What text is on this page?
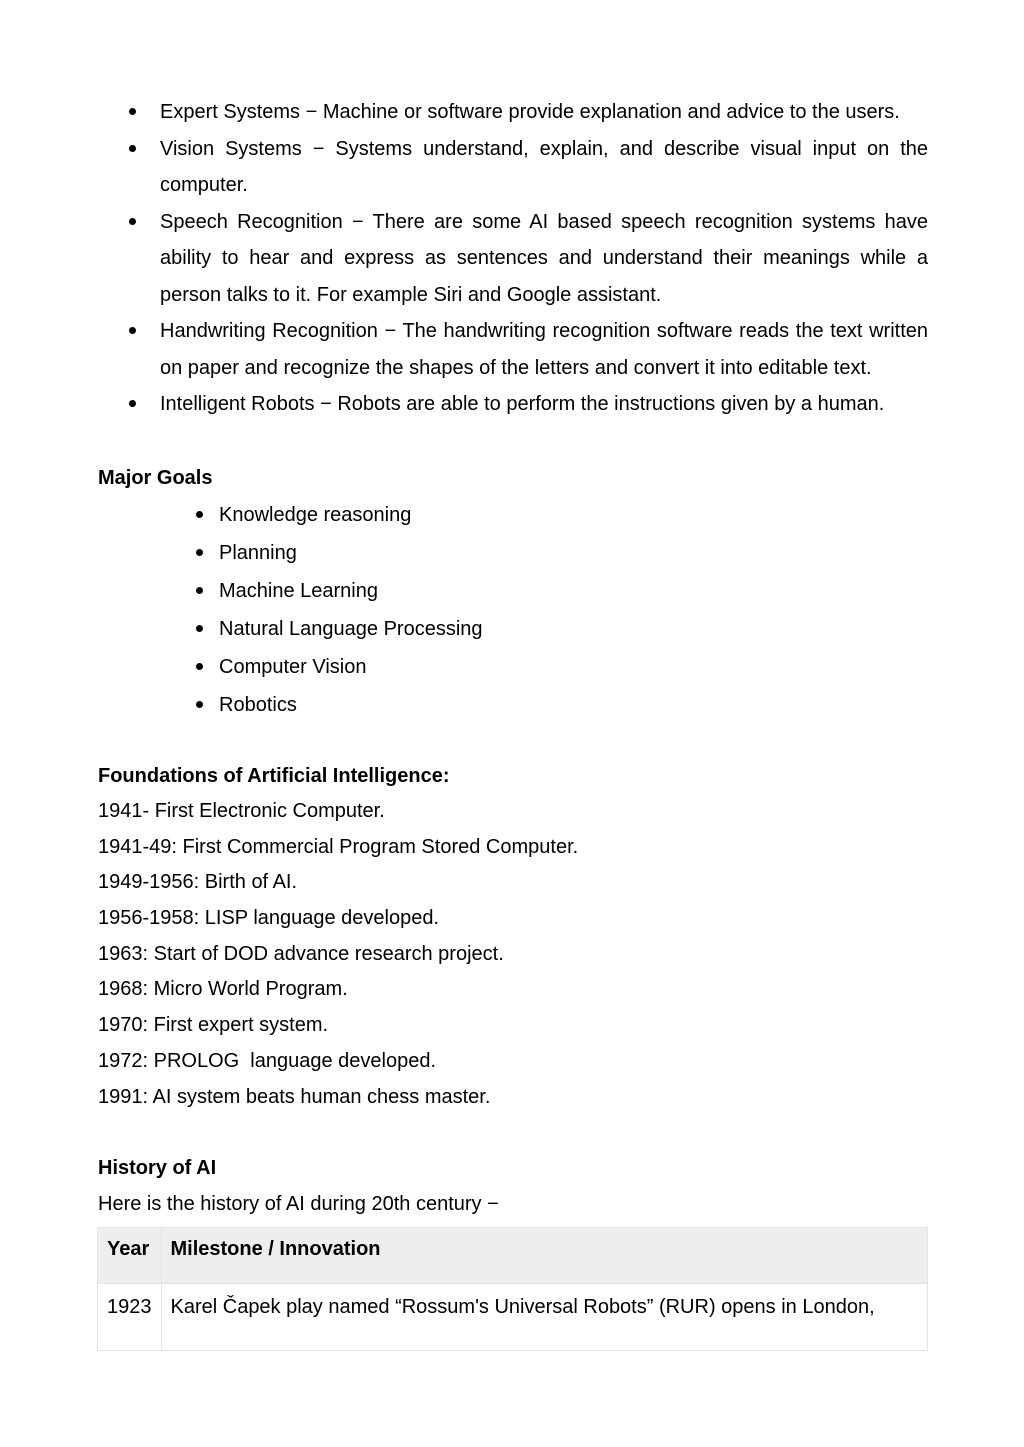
Expert Systems − Machine or software provide explanation and advice to the users.
Vision Systems − Systems understand, explain, and describe visual input on the computer.
Speech Recognition − There are some AI based speech recognition systems have ability to hear and express as sentences and understand their meanings while a person talks to it. For example Siri and Google assistant.
Handwriting Recognition − The handwriting recognition software reads the text written on paper and recognize the shapes of the letters and convert it into editable text.
Intelligent Robots − Robots are able to perform the instructions given by a human.
Major Goals
Knowledge reasoning
Planning
Machine Learning
Natural Language Processing
Computer Vision
Robotics
Foundations of Artificial Intelligence:
1941- First Electronic Computer.
1941-49: First Commercial Program Stored Computer.
1949-1956: Birth of AI.
1956-1958: LISP language developed.
1963: Start of DOD advance research project.
1968: Micro World Program.
1970: First expert system.
1972: PROLOG  language developed.
1991: AI system beats human chess master.
History of AI
Here is the history of AI during 20th century −
Year	Milestone / Innovation
1923	Karel Čapek play named “Rossum's Universal Robots” (RUR) opens in London,
